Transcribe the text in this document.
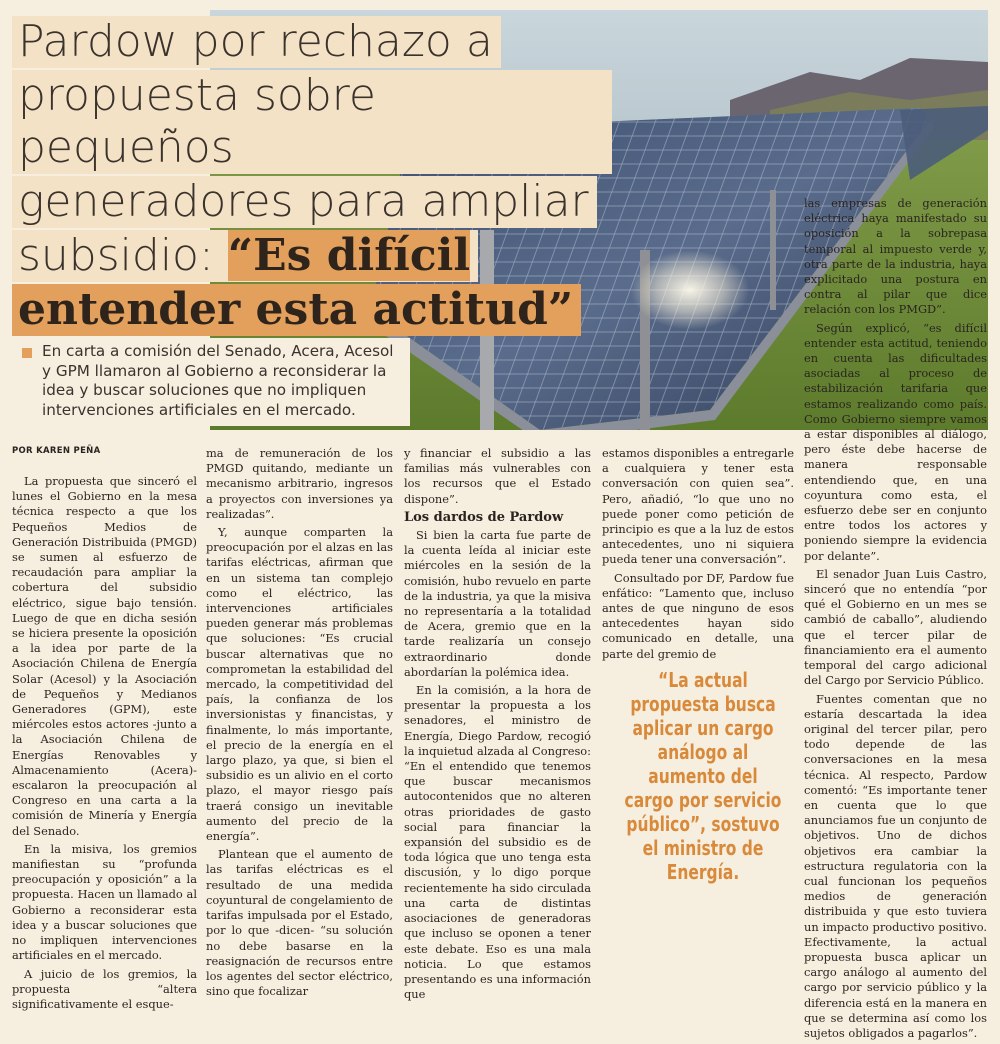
Pardow por rechazo a
propuesta sobre pequeños
generadores para ampliar
subsidio: “Es difícil
entender esta actitud”
En carta a comisión del Senado, Acera, Acesol y GPM llamaron al Gobierno a reconsiderar la idea y buscar soluciones que no impliquen intervenciones artificiales en el mercado.
POR KAREN PEÑA

La propuesta que sinceró el lunes el Gobierno en la mesa técnica respecto a que los Pequeños Medios de Generación Distribuida (PMGD) se sumen al esfuerzo de recaudación para ampliar la cobertura del subsidio eléctrico, sigue bajo tensión. Luego de que en dicha sesión se hiciera presente la oposición a la idea por parte de la Asociación Chilena de Energía Solar (Acesol) y la Asociación de Pequeños y Medianos Generadores (GPM), este miércoles estos actores -junto a la Asociación Chilena de Energías Renovables y Almacenamiento (Acera)- escalaron la preocupación al Congreso en una carta a la comisión de Minería y Energía del Senado.

En la misiva, los gremios manifiestan su “profunda preocupación y oposición” a la propuesta. Hacen un llamado al Gobierno a reconsiderar esta idea y a buscar soluciones que no impliquen intervenciones artificiales en el mercado.

A juicio de los gremios, la propuesta “altera significativamente el esque-

ma de remuneración de los PMGD quitando, mediante un mecanismo arbitrario, ingresos a proyectos con inversiones ya realizadas”.

Y, aunque comparten la preocupación por el alzas en las tarifas eléctricas, afirman que en un sistema tan complejo como el eléctrico, las intervenciones artificiales pueden generar más problemas que soluciones: “Es crucial buscar alternativas que no comprometan la estabilidad del mercado, la competitividad del país, la confianza de los inversionistas y financistas, y finalmente, lo más importante, el precio de la energía en el largo plazo, ya que, si bien el subsidio es un alivio en el corto plazo, el mayor riesgo país traerá consigo un inevitable aumento del precio de la energía”.

Plantean que el aumento de las tarifas eléctricas es el resultado de una medida coyuntural de congelamiento de tarifas impulsada por el Estado, por lo que -dicen- “su solución no debe basarse en la reasignación de recursos entre los agentes del sector eléctrico, sino que focalizar

y financiar el subsidio a las familias más vulnerables con los recursos que el Estado dispone”.

Los dardos de Pardow

Si bien la carta fue parte de la cuenta leída al iniciar este miércoles en la sesión de la comisión, hubo revuelo en parte de la industria, ya que la misiva no representaría a la totalidad de Acera, gremio que en la tarde realizaría un consejo extraordinario donde abordarían la polémica idea.

En la comisión, a la hora de presentar la propuesta a los senadores, el ministro de Energía, Diego Pardow, recogió la inquietud alzada al Congreso: “En el entendido que tenemos que buscar mecanismos autocontenidos que no alteren otras prioridades de gasto social para financiar la expansión del subsidio es de toda lógica que uno tenga esta discusión, y lo digo porque recientemente ha sido circulada una carta de distintas asociaciones de generadoras que incluso se oponen a tener este debate. Eso es una mala noticia. Lo que estamos presentando es una información que

estamos disponibles a entregarle a cualquiera y tener esta conversación con quien sea”. Pero, añadió, “lo que uno no puede poner como petición de principio es que a la luz de estos antecedentes, uno ni siquiera pueda tener una conversación”.

Consultado por DF, Pardow fue enfático: “Lamento que, incluso antes de que ninguno de esos antecedentes hayan sido comunicado en detalle, una parte del gremio de

“La actual propuesta busca aplicar un cargo análogo al aumento del cargo por servicio público”, sostuvo el ministro de Energía.

las empresas de generación eléctrica haya manifestado su oposición a la sobrepasa temporal al impuesto verde y, otra parte de la industria, haya explicitado una postura en contra al pilar que dice relación con los PMGD”.

Según explicó, “es difícil entender esta actitud, teniendo en cuenta las dificultades asociadas al proceso de estabilización tarifaria que estamos realizando como país. Como Gobierno siempre vamos a estar disponibles al diálogo, pero éste debe hacerse de manera responsable entendiendo que, en una coyuntura como esta, el esfuerzo debe ser en conjunto entre todos los actores y poniendo siempre la evidencia por delante”.

El senador Juan Luis Castro, sinceró que no entendía “por qué el Gobierno en un mes se cambió de caballo”, aludiendo que el tercer pilar de financiamiento era el aumento temporal del cargo adicional del Cargo por Servicio Público.

Fuentes comentan que no estaría descartada la idea original del tercer pilar, pero todo depende de las conversaciones en la mesa técnica. Al respecto, Pardow comentó: “Es importante tener en cuenta que lo que anunciamos fue un conjunto de objetivos. Uno de dichos objetivos era cambiar la estructura regulatoria con la cual funcionan los pequeños medios de generación distribuida y que esto tuviera un impacto productivo positivo. Efectivamente, la actual propuesta busca aplicar un cargo análogo al aumento del cargo por servicio público y la diferencia está en la manera en que se determina así como los sujetos obligados a pagarlos”.
